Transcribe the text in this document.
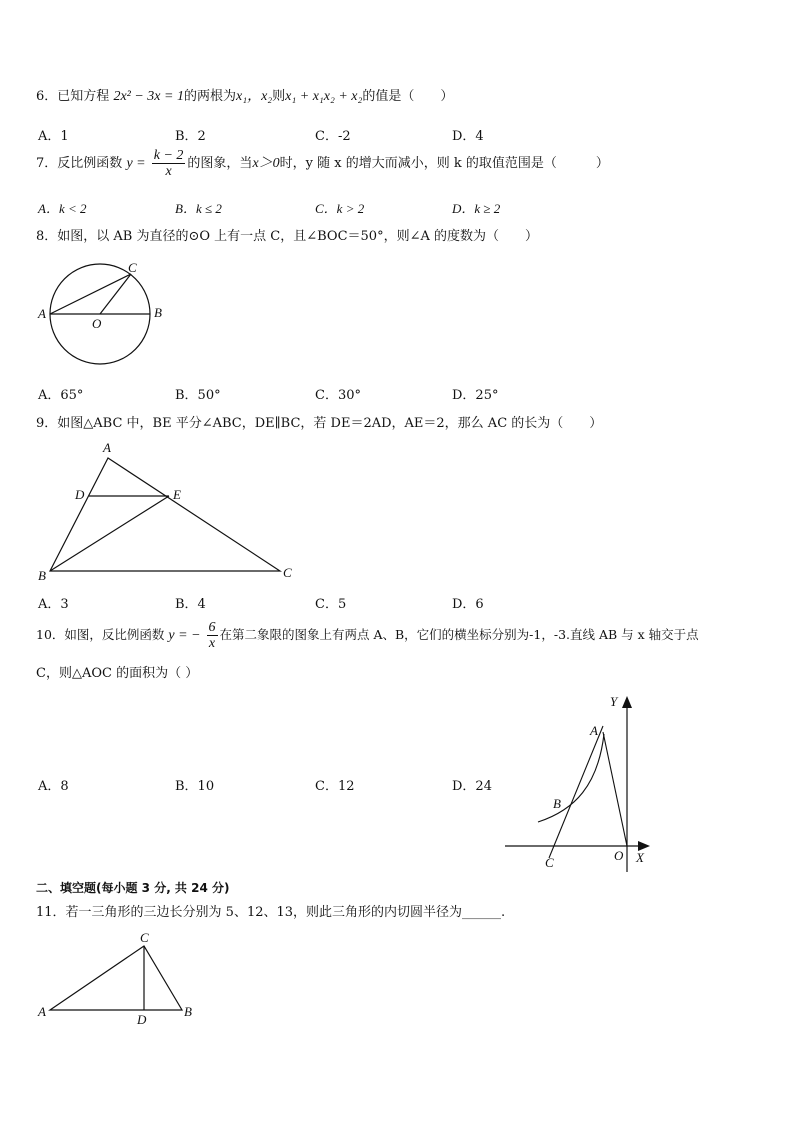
6．已知方程 2x² − 3x = 1的两根为x₁，x₂则x₁ + x₁x₂ + x₂的值是（　　）
A．1	B．2	C．-2	D．4
7．反比例函数 $y = \frac{k - 2}{x}$ 的图象，当x＞0时，y 随 x 的增大而减小，则 k 的取值范围是（　　　）
A．k < 2	B．k ≤ 2	C．k > 2	D．k ≥ 2
8．如图，以 AB 为直径的⊙O 上有一点 C，且∠BOC＝50°，则∠A 的度数为（　　）
A	B
C
O
A．65°	B．50°	C．30°	D．25°
9．如图△ABC 中，BE 平分∠ABC，DE∥BC，若 DE＝2AD，AE＝2，那么 AC 的长为（　　）
A
D	E
B	C
A．3	B．4	C．5	D．6
10．如图，反比例函数 y = − $\frac{6}{x}$ 在第二象限的图象上有两点 A、B，它们的横坐标分别为-1，-3.直线 AB 与 x 轴交于点
C，则△AOC 的面积为（ ）
A．8	B．10	C．12	D．24
Y
A
B
C	O X
二、填空题(每小题 3 分, 共 24 分)
11．若一三角形的三边长分别为 5、12、13，则此三角形的内切圆半径为______.
C
A
D
B
